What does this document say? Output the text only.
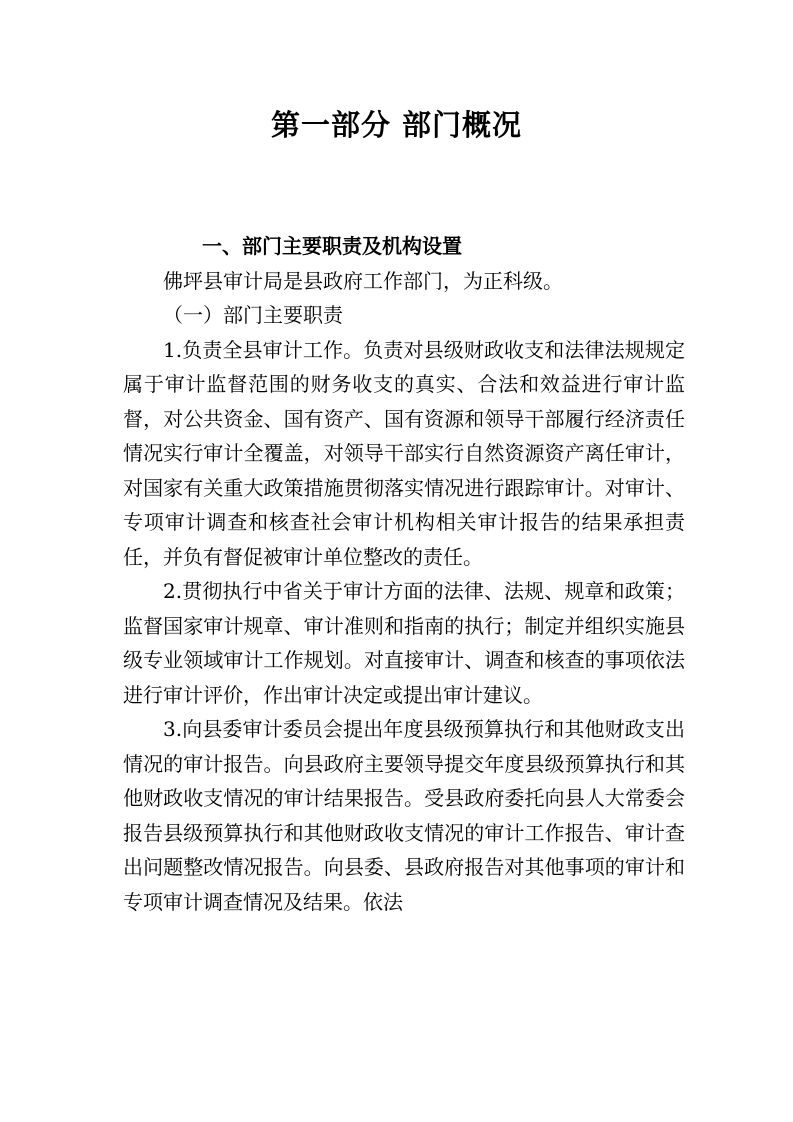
第一部分 部门概况

一、部门主要职责及机构设置

佛坪县审计局是县政府工作部门，为正科级。

（一）部门主要职责

1.负责全县审计工作。负责对县级财政收支和法律法规规定属于审计监督范围的财务收支的真实、合法和效益进行审计监督，对公共资金、国有资产、国有资源和领导干部履行经济责任情况实行审计全覆盖，对领导干部实行自然资源资产离任审计，对国家有关重大政策措施贯彻落实情况进行跟踪审计。对审计、专项审计调查和核查社会审计机构相关审计报告的结果承担责任，并负有督促被审计单位整改的责任。

2.贯彻执行中省关于审计方面的法律、法规、规章和政策；监督国家审计规章、审计准则和指南的执行；制定并组织实施县级专业领域审计工作规划。对直接审计、调查和核查的事项依法进行审计评价，作出审计决定或提出审计建议。

3.向县委审计委员会提出年度县级预算执行和其他财政支出情况的审计报告。向县政府主要领导提交年度县级预算执行和其他财政收支情况的审计结果报告。受县政府委托向县人大常委会报告县级预算执行和其他财政收支情况的审计工作报告、审计查出问题整改情况报告。向县委、县政府报告对其他事项的审计和专项审计调查情况及结果。依法
